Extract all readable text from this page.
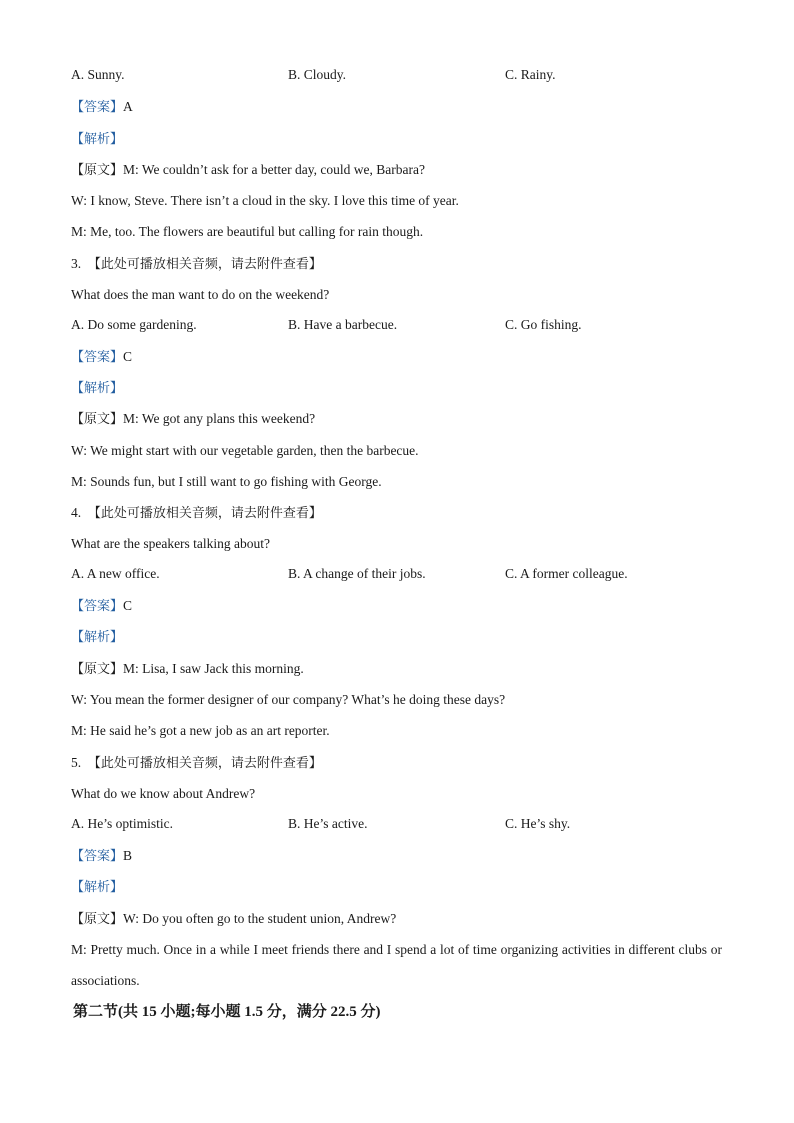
A. Sunny.	B. Cloudy.	C. Rainy.
【答案】A
【解析】
【原文】M: We couldn’t ask for a better day, could we, Barbara?
W: I know, Steve. There isn’t a cloud in the sky. I love this time of year.
M: Me, too. The flowers are beautiful but calling for rain though.
3. 【此处可播放相关音频，请去附件查看】
What does the man want to do on the weekend?
A. Do some gardening.	B. Have a barbecue.	C. Go fishing.
【答案】C
【解析】
【原文】M: We got any plans this weekend?
W: We might start with our vegetable garden, then the barbecue.
M: Sounds fun, but I still want to go fishing with George.
4. 【此处可播放相关音频，请去附件查看】
What are the speakers talking about?
A. A new office.	B. A change of their jobs.	C. A former colleague.
【答案】C
【解析】
【原文】M: Lisa, I saw Jack this morning.
W: You mean the former designer of our company? What’s he doing these days?
M: He said he’s got a new job as an art reporter.
5. 【此处可播放相关音频，请去附件查看】
What do we know about Andrew?
A. He’s optimistic.	B. He’s active.	C. He’s shy.
【答案】B
【解析】
【原文】W: Do you often go to the student union, Andrew?
M: Pretty much. Once in a while I meet friends there and I spend a lot of time organizing activities in different clubs or associations.
第二节(共 15 小题;每小题 1.5 分，满分 22.5 分)
